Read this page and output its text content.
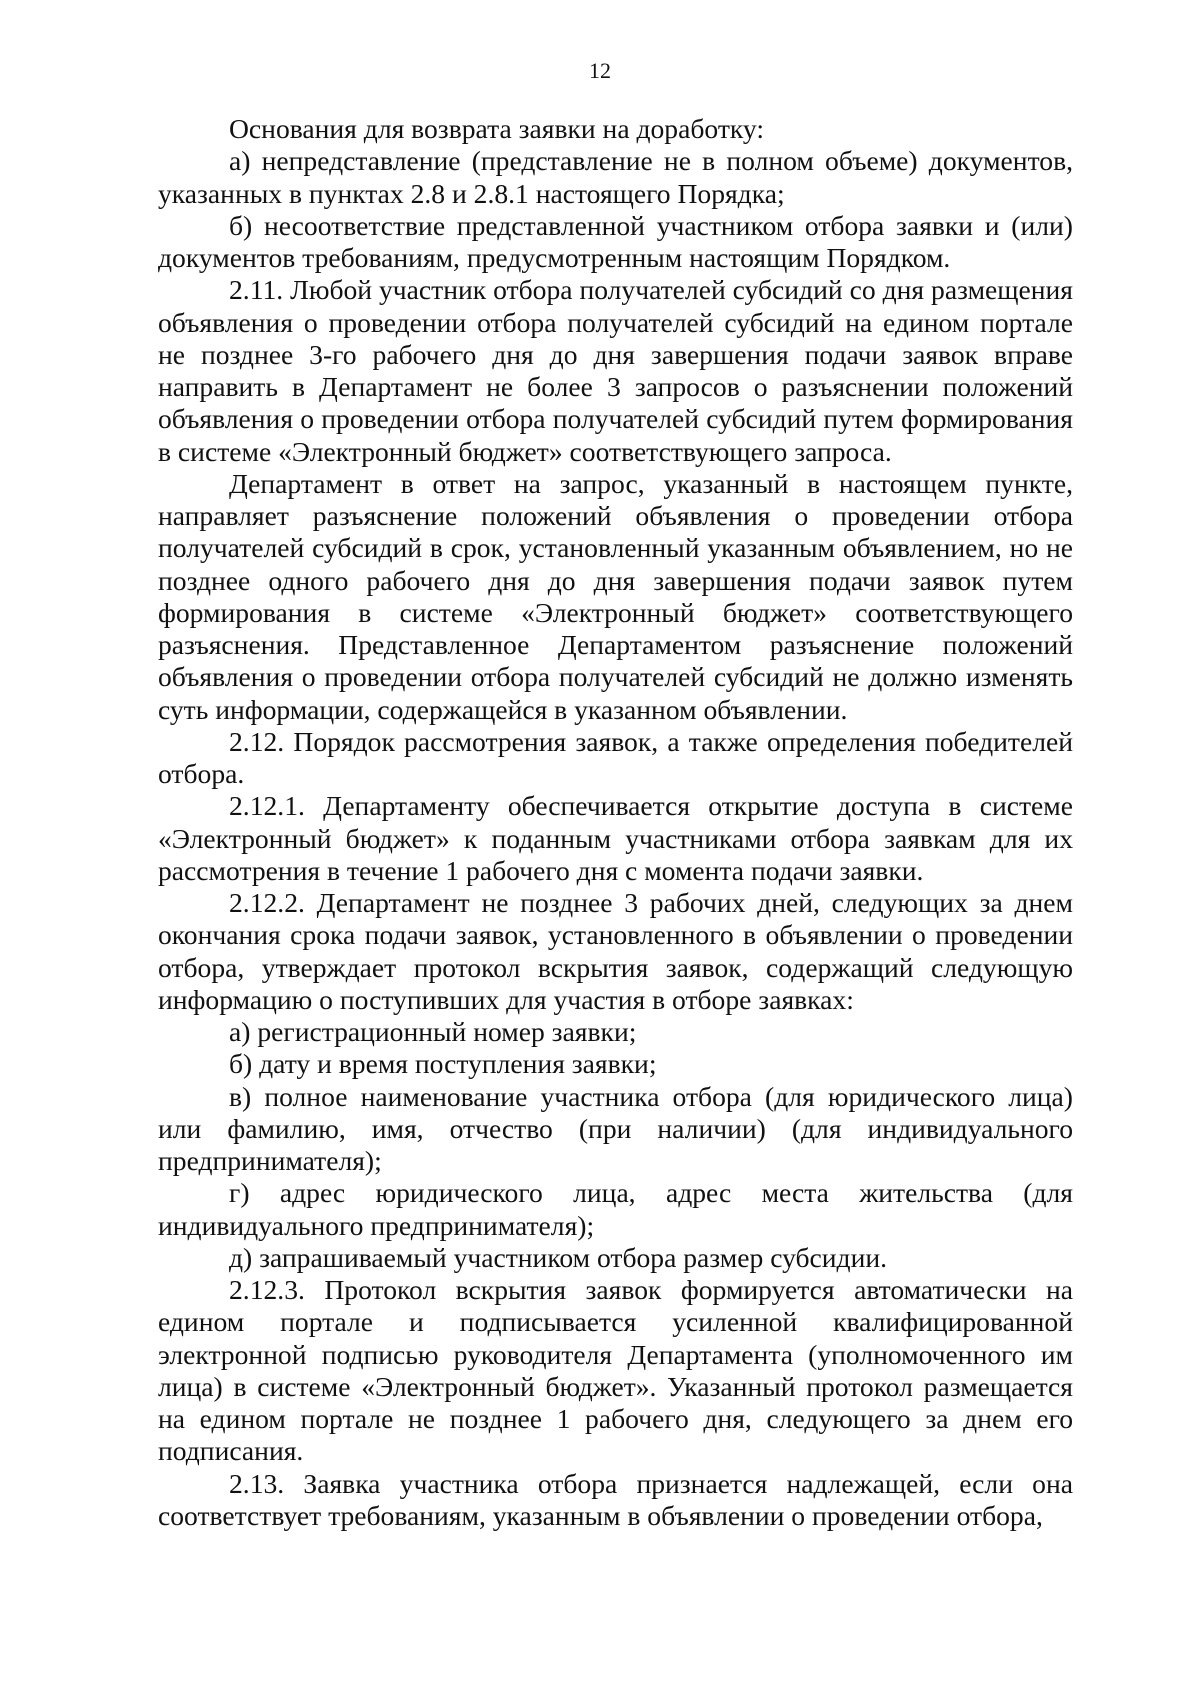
12

Основания для возврата заявки на доработку:

а) непредставление (представление не в полном объеме) документов, указанных в пунктах 2.8 и 2.8.1 настоящего Порядка;

б) несоответствие представленной участником отбора заявки и (или) документов требованиям, предусмотренным настоящим Порядком.

2.11. Любой участник отбора получателей субсидий со дня размещения объявления о проведении отбора получателей субсидий на едином портале не позднее 3-го рабочего дня до дня завершения подачи заявок вправе направить в Департамент не более 3 запросов о разъяснении положений объявления о проведении отбора получателей субсидий путем формирования в системе «Электронный бюджет» соответствующего запроса.

Департамент в ответ на запрос, указанный в настоящем пункте, направляет разъяснение положений объявления о проведении отбора получателей субсидий в срок, установленный указанным объявлением, но не позднее одного рабочего дня до дня завершения подачи заявок путем формирования в системе «Электронный бюджет» соответствующего разъяснения. Представленное Департаментом разъяснение положений объявления о проведении отбора получателей субсидий не должно изменять суть информации, содержащейся в указанном объявлении.

2.12. Порядок рассмотрения заявок, а также определения победителей отбора.

2.12.1. Департаменту обеспечивается открытие доступа в системе «Электронный бюджет» к поданным участниками отбора заявкам для их рассмотрения в течение 1 рабочего дня с момента подачи заявки.

2.12.2. Департамент не позднее 3 рабочих дней, следующих за днем окончания срока подачи заявок, установленного в объявлении о проведении отбора, утверждает протокол вскрытия заявок, содержащий следующую информацию о поступивших для участия в отборе заявках:

а) регистрационный номер заявки;

б) дату и время поступления заявки;

в) полное наименование участника отбора (для юридического лица) или фамилию, имя, отчество (при наличии) (для индивидуального предпринимателя);

г) адрес юридического лица, адрес места жительства (для индивидуального предпринимателя);

д) запрашиваемый участником отбора размер субсидии.

2.12.3. Протокол вскрытия заявок формируется автоматически на едином портале и подписывается усиленной квалифицированной электронной подписью руководителя Департамента (уполномоченного им лица) в системе «Электронный бюджет». Указанный протокол размещается на едином портале не позднее 1 рабочего дня, следующего за днем его подписания.

2.13. Заявка участника отбора признается надлежащей, если она соответствует требованиям, указанным в объявлении о проведении отбора,
